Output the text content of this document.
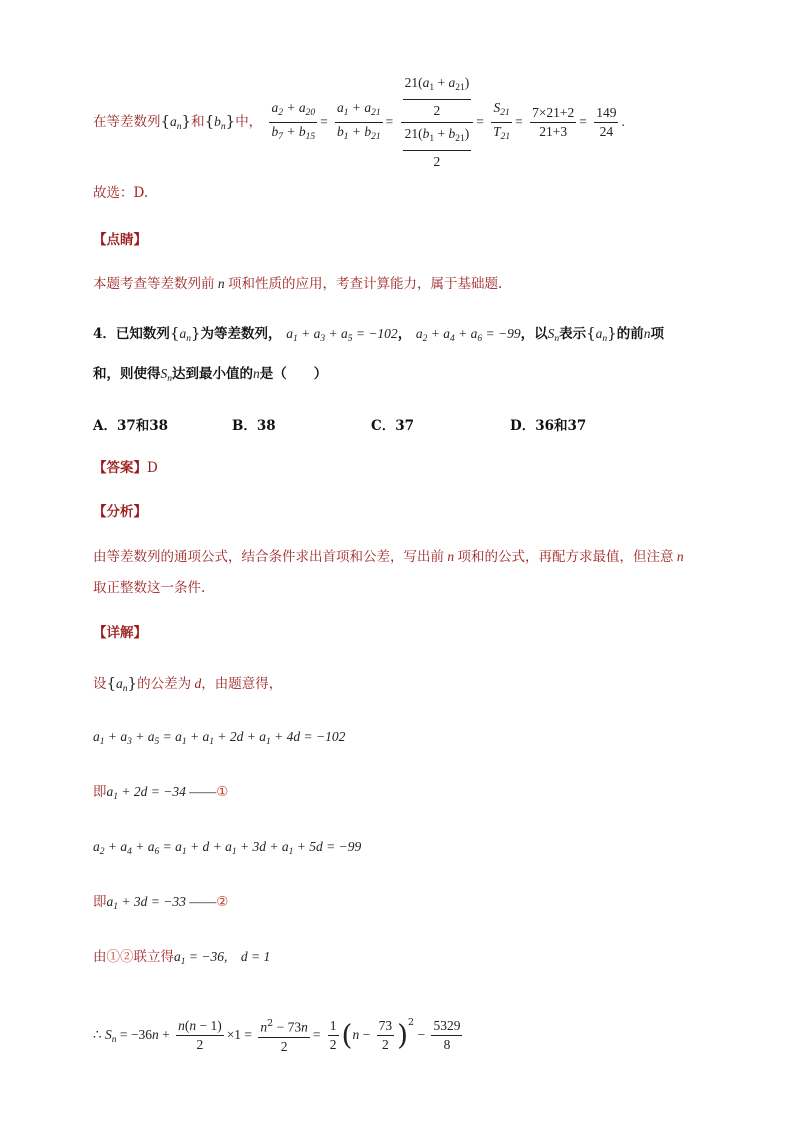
在等差数列$\{a_n\}$和$\{b_n\}$中， $\frac{a_2 + a_{20}}{b_7 + b_{15}} = \frac{a_1 + a_{21}}{b_1 + b_{21}} = \frac{\frac{21(a_1 + a_{21})}{2}}{\frac{21(b_1 + b_{21})}{2}} = \frac{S_{21}}{T_{21}} = \frac{7\times 21+2}{21+3} = \frac{149}{24}$ .
故选：D.
【点睛】
本题考查等差数列前 n 项和性质的应用，考查计算能力，属于基础题.
4．已知数列$\{a_n\}$为等差数列， $a_1 + a_3 + a_5 = -102$， $a_2 + a_4 + a_6 = -99$，以$S_n$表示$\{a_n\}$的前n项
和，则使得$S_n$达到最小值的n是（　　）
A．37和38	B．38	C．37	D．36和37
【答案】D
【分析】
由等差数列的通项公式，结合条件求出首项和公差，写出前 n 项和的公式，再配方求最值，但注意 n
取正整数这一条件.
【详解】
设$\{a_n\}$的公差为 d，由题意得，
$a_1 + a_3 + a_5 = a_1 + a_1 + 2d + a_1 + 4d = -102$
即$a_1 + 2d = -34$ ——①
$a_2 + a_4 + a_6 = a_1 + d + a_1 + 3d + a_1 + 5d = -99$
即$a_1 + 3d = -33$ ——②
由①②联立得$a_1 = -36$,　d = 1
∴ $S_n = -36n + \frac{n(n - 1)}{2} \times 1 = \frac{n^2 - 73n}{2} = \frac{1}{2} (n - \frac{73}{2} )^2 - \frac{5329}{8}$
